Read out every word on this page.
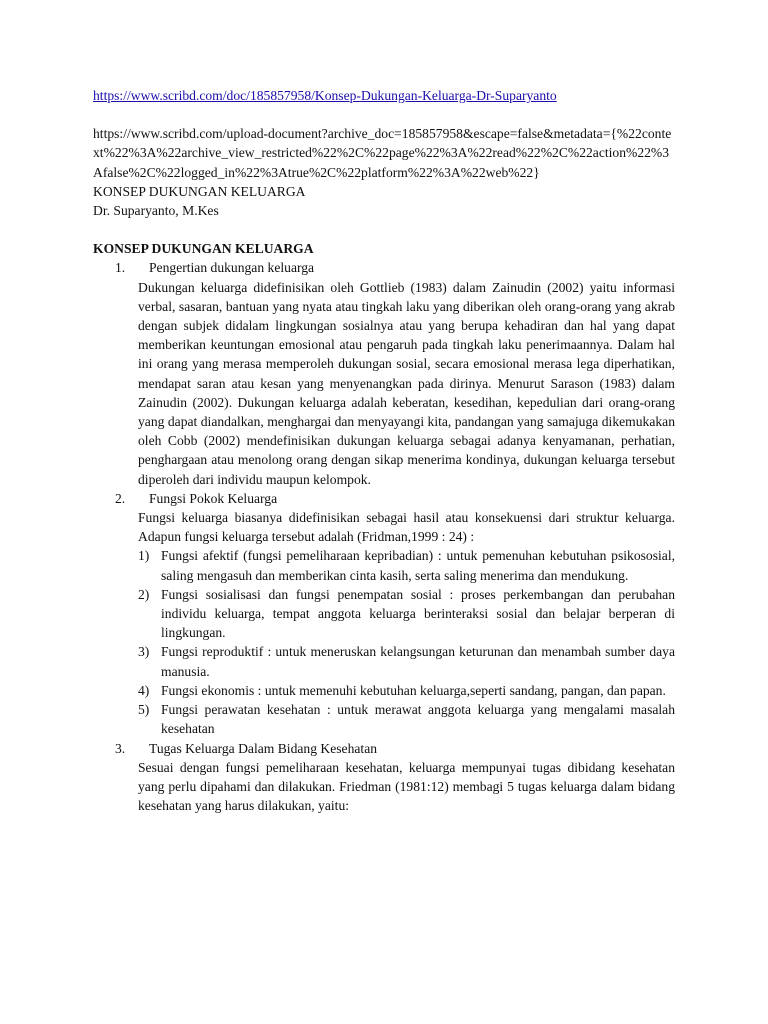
https://www.scribd.com/doc/185857958/Konsep-Dukungan-Keluarga-Dr-Suparyanto
https://www.scribd.com/upload-document?archive_doc=185857958&escape=false&metadata={%22context%22%3A%22archive_view_restricted%22%2C%22page%22%3A%22read%22%2C%22action%22%3Afalse%2C%22logged_in%22%3Atrue%2C%22platform%22%3A%22web%22}
KONSEP DUKUNGAN KELUARGA
Dr. Suparyanto, M.Kes
KONSEP DUKUNGAN KELUARGA
1.	Pengertian dukungan keluarga
Dukungan keluarga didefinisikan oleh Gottlieb (1983) dalam Zainudin (2002) yaitu informasi verbal, sasaran, bantuan yang nyata atau tingkah laku yang diberikan oleh orang-orang yang akrab dengan subjek didalam lingkungan sosialnya atau yang berupa kehadiran dan hal yang dapat memberikan keuntungan emosional atau pengaruh pada tingkah laku penerimaannya. Dalam hal ini orang yang merasa memperoleh dukungan sosial, secara emosional merasa lega diperhatikan, mendapat saran atau kesan yang menyenangkan pada dirinya. Menurut Sarason (1983) dalam Zainudin (2002). Dukungan keluarga adalah keberatan, kesedihan, kepedulian dari orang-orang yang dapat diandalkan, menghargai dan menyayangi kita, pandangan yang samajuga dikemukakan oleh Cobb (2002) mendefinisikan dukungan keluarga sebagai adanya kenyamanan, perhatian, penghargaan atau menolong orang dengan sikap menerima kondinya, dukungan keluarga tersebut diperoleh dari individu maupun kelompok.
2.	Fungsi Pokok Keluarga
Fungsi keluarga biasanya didefinisikan sebagai hasil atau konsekuensi dari struktur keluarga. Adapun fungsi keluarga tersebut adalah (Fridman,1999 : 24) :
1) Fungsi afektif (fungsi pemeliharaan kepribadian) : untuk pemenuhan kebutuhan psikososial, saling mengasuh dan memberikan cinta kasih, serta saling menerima dan mendukung.
2) Fungsi sosialisasi dan fungsi penempatan sosial : proses perkembangan dan perubahan individu keluarga, tempat anggota keluarga berinteraksi sosial dan belajar berperan di lingkungan.
3) Fungsi reproduktif : untuk meneruskan kelangsungan keturunan dan menambah sumber daya manusia.
4) Fungsi ekonomis : untuk memenuhi kebutuhan keluarga,seperti sandang, pangan, dan papan.
5) Fungsi perawatan kesehatan : untuk merawat anggota keluarga yang mengalami masalah kesehatan
3.	Tugas Keluarga Dalam Bidang Kesehatan
Sesuai dengan fungsi pemeliharaan kesehatan, keluarga mempunyai tugas dibidang kesehatan yang perlu dipahami dan dilakukan. Friedman (1981:12) membagi 5 tugas keluarga dalam bidang kesehatan yang harus dilakukan, yaitu:
